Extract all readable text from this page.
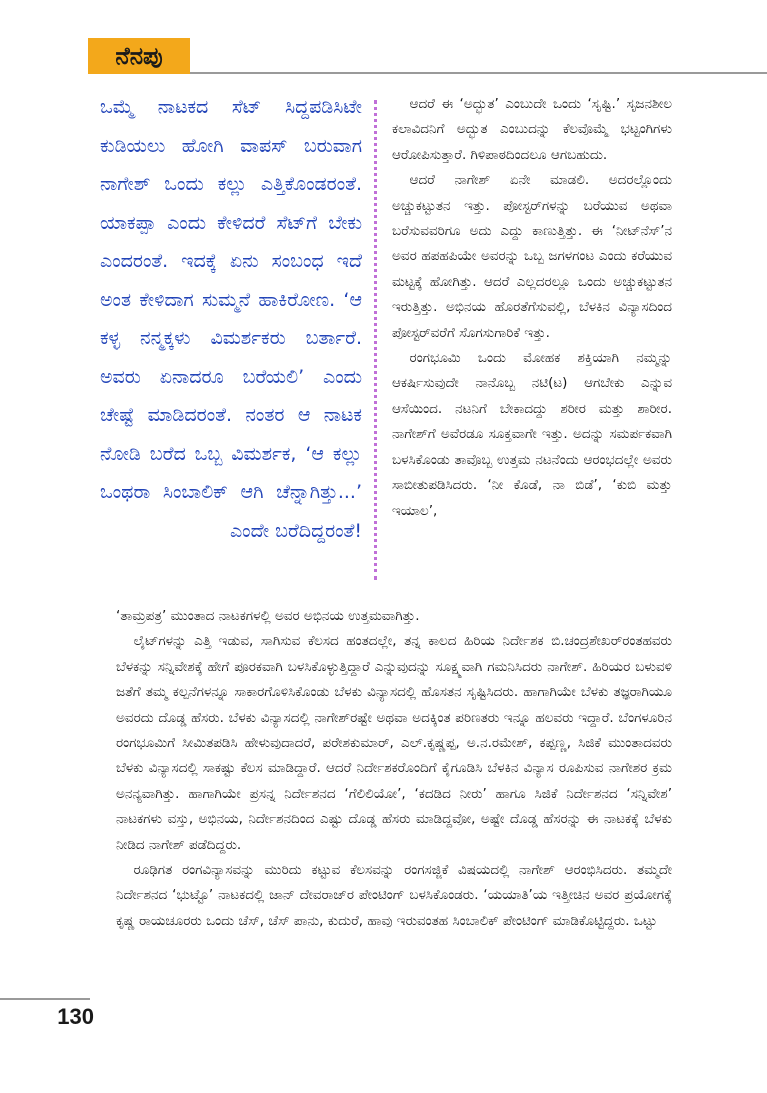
ನೆನಪು

ಒಮ್ಮೆ ನಾಟಕದ ಸೆಟ್ ಸಿದ್ದಪಡಿಸಿಟೇ ಕುಡಿಯಲು ಹೋಗಿ ವಾಪಸ್ ಬರುವಾಗ ನಾಗೇಶ್ ಒಂದು ಕಲ್ಲು ಎತ್ತಿಕೊಂಡರಂತೆ. ಯಾಕಪ್ಪಾ ಎಂದು ಕೇಳಿದರೆ ಸೆಟ್‌ಗೆ ಬೇಕು ಎಂದರಂತೆ. ಇದಕ್ಕೆ ಏನು ಸಂಬಂಧ ಇದೆ ಅಂತ ಕೇಳಿದಾಗ ಸುಮ್ಮನೆ ಹಾಕಿರೋಣ. ‘ಆ ಕಳ್ಳ ನನ್ಮಕ್ಕಳು ವಿಮರ್ಶಕರು ಬರ್ತಾರೆ. ಅವರು ಏನಾದರೂ ಬರೆಯಲಿ’ ಎಂದು ಚೇಷ್ಟೆ ಮಾಡಿದರಂತೆ. ನಂತರ ಆ ನಾಟಕ ನೋಡಿ ಬರೆದ ಒಬ್ಬ ವಿಮರ್ಶಕ, ‘ಆ ಕಲ್ಲು ಒಂಥರಾ ಸಿಂಬಾಲಿಕ್ ಆಗಿ ಚೆನ್ನಾಗಿತ್ತು...’ ಎಂದೇ ಬರೆದಿದ್ದರಂತೆ!

ಆದರೆ ಈ ‘ಅದ್ಭುತ’ ಎಂಬುದೇ ಒಂದು ‘ಸೃಷ್ಟಿ.’ ಸೃಜನಶೀಲ ಕಲಾವಿದನಿಗೆ ಅದ್ಭುತ ಎಂಬುದನ್ನು ಕೆಲವೊಮ್ಮೆ ಭಟ್ಟಂಗಿಗಳು ಆರೋಪಿಸುತ್ತಾರೆ. ಗಿಳಿಪಾಠದಿಂದಲೂ ಆಗಬಹುದು.

ಆದರೆ ನಾಗೇಶ್ ಏನೇ ಮಾಡಲಿ. ಅದರಲ್ಲೊಂದು ಅಚ್ಚುಕಟ್ಟುತನ ಇತ್ತು. ಪೋಸ್ಟರ್‌ಗಳನ್ನು ಬರೆಯುವ ಅಥವಾ ಬರೆಸುವವರಿಗೂ ಅದು ಎದ್ದು ಕಾಣುತ್ತಿತ್ತು. ಈ ‘ನೀಟ್‌ನೆಸ್’ನ ಅವರ ಹಪಹಪಿಯೇ ಅವರನ್ನು ಒಬ್ಬ ಜಗಳಗಂಟ ಎಂದು ಕರೆಯುವ ಮಟ್ಟಕ್ಕೆ ಹೋಗಿತ್ತು. ಆದರೆ ಎಲ್ಲದರಲ್ಲೂ ಒಂದು ಅಚ್ಚುಕಟ್ಟುತನ ಇರುತ್ತಿತ್ತು. ಅಭಿನಯ ಹೊರತೆಗೆಸುವಲ್ಲಿ, ಬೆಳಕಿನ ವಿನ್ಯಾಸದಿಂದ ಪೋಸ್ಟರ್‌ವರೆಗೆ ಸೊಗಸುಗಾರಿಕೆ ಇತ್ತು.

ರಂಗಭೂಮಿ ಒಂದು ಮೋಹಕ ಶಕ್ತಿಯಾಗಿ ನಮ್ಮನ್ನು ಆಕರ್ಷಿಸುವುದೇ ನಾನೊಬ್ಬ ನಟಿ(ಟ) ಆಗಬೇಕು ಎನ್ನುವ ಆಸೆಯಿಂದ. ನಟನಿಗೆ ಬೇಕಾದದ್ದು ಶರೀರ ಮತ್ತು ಶಾರೀರ. ನಾಗೇಶ್‌ಗೆ ಅವೆರಡೂ ಸೂಕ್ತವಾಗೇ ಇತ್ತು. ಅದನ್ನು ಸಮರ್ಪಕವಾಗಿ ಬಳಸಿಕೊಂಡು ತಾವೊಬ್ಬ ಉತ್ತಮ ನಟನೆಂದು ಆರಂಭದಲ್ಲೇ ಅವರು ಸಾಬೀತುಪಡಿಸಿದರು. ‘ನೀ ಕೊಡೆ, ನಾ ಬಿಡೆ’, ‘ಕುಬಿ ಮತ್ತು ಇಯಾಲ’,

‘ತಾಮ್ರಪತ್ರ’ ಮುಂತಾದ ನಾಟಕಗಳಲ್ಲಿ ಅವರ ಅಭಿನಯ ಉತ್ತಮವಾಗಿತ್ತು.

ಲೈಟ್‌ಗಳನ್ನು ಎತ್ತಿ ಇಡುವ, ಸಾಗಿಸುವ ಕೆಲಸದ ಹಂತದಲ್ಲೇ, ತನ್ನ ಕಾಲದ ಹಿರಿಯ ನಿರ್ದೇಶಕ ಬಿ.ಚಂದ್ರಶೇಖರ್‌ರಂತಹವರು ಬೆಳಕನ್ನು ಸನ್ನಿವೇಶಕ್ಕೆ ಹೇಗೆ ಪೂರಕವಾಗಿ ಬಳಸಿಕೊಳ್ಳುತ್ತಿದ್ದಾರೆ ಎನ್ನುವುದನ್ನು ಸೂಕ್ಷ್ಮವಾಗಿ ಗಮನಿಸಿದರು ನಾಗೇಶ್. ಹಿರಿಯರ ಬಳುವಳಿ ಜತೆಗೆ ತಮ್ಮ ಕಲ್ಪನೆಗಳನ್ನೂ ಸಾಕಾರಗೊಳಿಸಿಕೊಂಡು ಬೆಳಕು ವಿನ್ಯಾಸದಲ್ಲಿ ಹೊಸತನ ಸೃಷ್ಟಿಸಿದರು. ಹಾಗಾಗಿಯೇ ಬೆಳಕು ತಜ್ಞರಾಗಿಯೂ ಅವರದು ದೊಡ್ಡ ಹೆಸರು. ಬೆಳಕು ವಿನ್ಯಾಸದಲ್ಲಿ ನಾಗೇಶ್‌ರಷ್ಟೇ ಅಥವಾ ಅದಕ್ಕಿಂತ ಪರಿಣತರು ಇನ್ನೂ ಹಲವರು ಇದ್ದಾರೆ. ಬೆಂಗಳೂರಿನ ರಂಗಭೂಮಿಗೆ ಸೀಮಿತಪಡಿಸಿ ಹೇಳುವುದಾದರೆ, ಪರೇಶಕುಮಾರ್, ಎಲ್.ಕೃಷ್ಣಪ್ಪ, ಅ.ನ.ರಮೇಶ್, ಕಪ್ಪಣ್ಣ, ಸಿಜಿಕೆ ಮುಂತಾದವರು ಬೆಳಕು ವಿನ್ಯಾಸದಲ್ಲಿ ಸಾಕಷ್ಟು ಕೆಲಸ ಮಾಡಿದ್ದಾರೆ. ಆದರೆ ನಿರ್ದೇಶಕರೊಂದಿಗೆ ಕೈಗೂಡಿಸಿ ಬೆಳಕಿನ ವಿನ್ಯಾಸ ರೂಪಿಸುವ ನಾಗೇಶರ ಕ್ರಮ ಅನನ್ಯವಾಗಿತ್ತು. ಹಾಗಾಗಿಯೇ ಪ್ರಸನ್ನ ನಿರ್ದೇಶನದ ‘ಗೆಲಿಲಿಯೋ’, ‘ಕದಡಿದ ನೀರು’ ಹಾಗೂ ಸಿಜಿಕೆ ನಿರ್ದೇಶನದ ‘ಸನ್ನಿವೇಶ’ ನಾಟಕಗಳು ವಸ್ತು, ಅಭಿನಯ, ನಿರ್ದೇಶನದಿಂದ ಎಷ್ಟು ದೊಡ್ಡ ಹೆಸರು ಮಾಡಿದ್ದವೋ, ಅಷ್ಟೇ ದೊಡ್ಡ ಹೆಸರನ್ನು ಈ ನಾಟಕಕ್ಕೆ ಬೆಳಕು ನೀಡಿದ ನಾಗೇಶ್ ಪಡೆದಿದ್ದರು.

ರೂಢಿಗತ ರಂಗವಿನ್ಯಾಸವನ್ನು ಮುರಿದು ಕಟ್ಟುವ ಕೆಲಸವನ್ನು ರಂಗಸಜ್ಜಿಕೆ ವಿಷಯದಲ್ಲಿ ನಾಗೇಶ್ ಆರಂಭಿಸಿದರು. ತಮ್ಮದೇ ನಿರ್ದೇಶನದ ‘ಭುಟ್ಟೊ’ ನಾಟಕದಲ್ಲಿ ಜಾನ್ ದೇವರಾಜ್‌ರ ಪೇಂಟಿಂಗ್ ಬಳಸಿಕೊಂಡರು. ‘ಯಯಾತಿ’ಯ ಇತ್ತೀಚಿನ ಅವರ ಪ್ರಯೋಗಕ್ಕೆ ಕೃಷ್ಣ ರಾಯಚೂರರು ಒಂದು ಚೆಸ್, ಚೆಸ್ ಪಾನು, ಕುದುರೆ, ಹಾವು ಇರುವಂತಹ ಸಿಂಬಾಲಿಕ್ ಪೇಂಟಿಂಗ್ ಮಾಡಿಕೊಟ್ಟಿದ್ದರು. ಒಟ್ಟು

130
